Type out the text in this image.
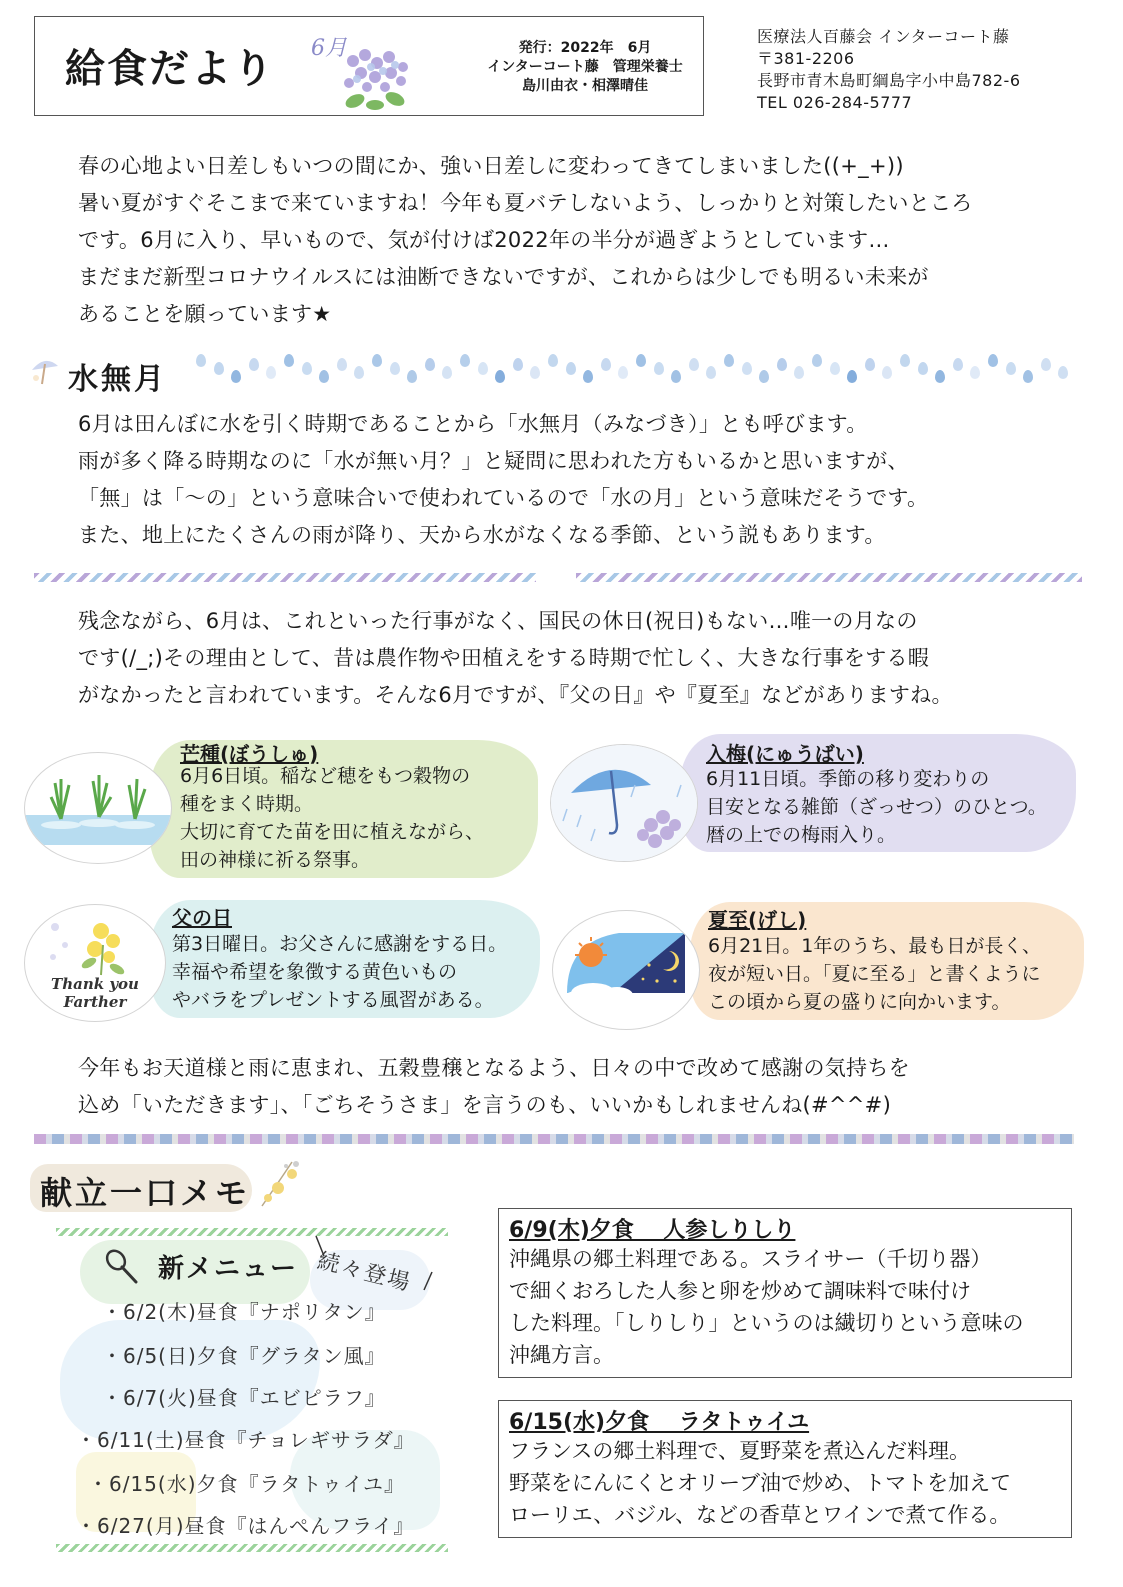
給食だより 6月	発行：2022年　6月
インターコート藤　管理栄養士
島川由衣・相澤晴佳
医療法人百藤会 インターコート藤
〒381-2206
長野市青木島町綱島字小中島782-6
TEL 026-284-5777
春の心地よい日差しもいつの間にか、強い日差しに変わってきてしまいました((+_+))
暑い夏がすぐそこまで来ていますね！今年も夏バテしないよう、しっかりと対策したいところ
です。6月に入り、早いもので、気が付けば2022年の半分が過ぎようとしています…
まだまだ新型コロナウイルスには油断できないですが、これからは少しでも明るい未来が
あることを願っています★
水無月
6月は田んぼに水を引く時期であることから「水無月（みなづき）」とも呼びます。
雨が多く降る時期なのに「水が無い月？」と疑問に思われた方もいるかと思いますが、
「無」は「〜の」という意味合いで使われているので「水の月」という意味だそうです。
また、地上にたくさんの雨が降り、天から水がなくなる季節、という説もあります。
残念ながら、6月は、これといった行事がなく、国民の休日(祝日)もない…唯一の月なの
です(/_;)その理由として、昔は農作物や田植えをする時期で忙しく、大きな行事をする暇
がなかったと言われています。そんな6月ですが、『父の日』や『夏至』などがありますね。
芒種(ぼうしゅ)
6月6日頃。稲など穂をもつ穀物の
種をまく時期。
大切に育てた苗を田に植えながら、
田の神様に祈る祭事。
入梅(にゅうばい)
6月11日頃。季節の移り変わりの
目安となる雑節（ざっせつ）のひとつ。
暦の上での梅雨入り。
Thank you
Farther
父の日
第3日曜日。お父さんに感謝をする日。
幸福や希望を象徴する黄色いもの
やバラをプレゼントする風習がある。
夏至(げし)
6月21日。1年のうち、最も日が長く、
夜が短い日。「夏に至る」と書くように
この頃から夏の盛りに向かいます。
今年もお天道様と雨に恵まれ、五穀豊穣となるよう、日々の中で改めて感謝の気持ちを
込め「いただきます」、「ごちそうさま」を言うのも、いいかもしれませんね(#^^#)
献立一口メモ
新メニュー 続々登場
・6/2(木)昼食『ナポリタン』
・6/5(日)夕食『グラタン風』
・6/7(火)昼食『エビピラフ』
・6/11(土)昼食『チョレギサラダ』
・6/15(水)夕食『ラタトゥイユ』
・6/27(月)昼食『はんぺんフライ』
6/9(木)夕食　 人参しりしり
沖縄県の郷土料理である。スライサー（千切り器）
で細くおろした人参と卵を炒めて調味料で味付け
した料理。「しりしり」というのは繊切りという意味の
沖縄方言。
6/15(水)夕食　 ラタトゥイユ
フランスの郷土料理で、夏野菜を煮込んだ料理。
野菜をにんにくとオリーブ油で炒め、トマトを加えて
ローリエ、バジル、などの香草とワインで煮て作る。
